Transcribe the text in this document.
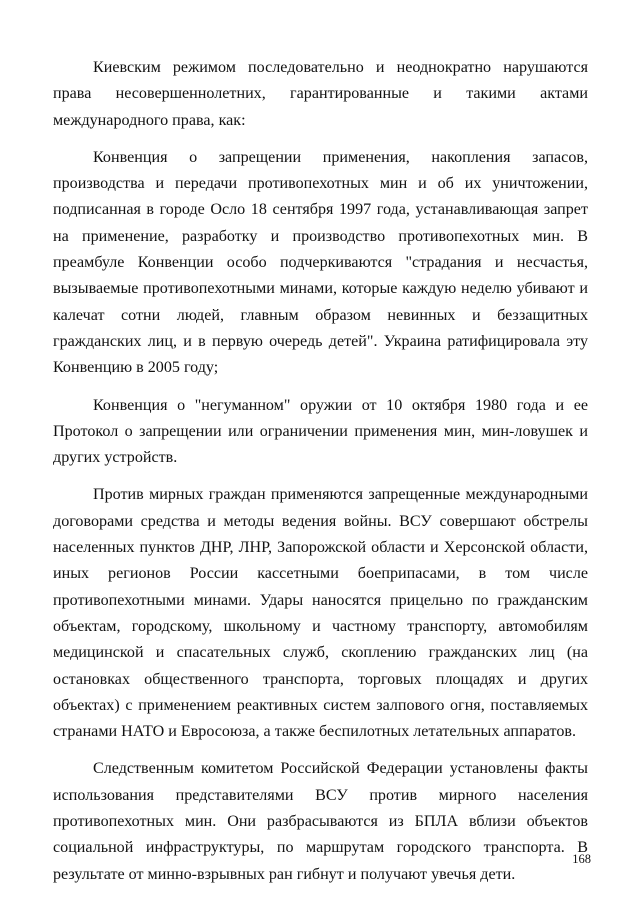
Киевским режимом последовательно и неоднократно нарушаются права несовершеннолетних, гарантированные и такими актами международного права, как:

Конвенция о запрещении применения, накопления запасов, производства и передачи противопехотных мин и об их уничтожении, подписанная в городе Осло 18 сентября 1997 года, устанавливающая запрет на применение, разработку и производство противопехотных мин. В преамбуле Конвенции особо подчеркиваются "страдания и несчастья, вызываемые противопехотными минами, которые каждую неделю убивают и калечат сотни людей, главным образом невинных и беззащитных гражданских лиц, и в первую очередь детей". Украина ратифицировала эту Конвенцию в 2005 году;

Конвенция о "негуманном" оружии от 10 октября 1980 года и ее Протокол о запрещении или ограничении применения мин, мин-ловушек и других устройств.

Против мирных граждан применяются запрещенные международными договорами средства и методы ведения войны. ВСУ совершают обстрелы населенных пунктов ДНР, ЛНР, Запорожской области и Херсонской области, иных регионов России кассетными боеприпасами, в том числе противопехотными минами. Удары наносятся прицельно по гражданским объектам, городскому, школьному и частному транспорту, автомобилям медицинской и спасательных служб, скоплению гражданских лиц (на остановках общественного транспорта, торговых площадях и других объектах) с применением реактивных систем залпового огня, поставляемых странами НАТО и Евросоюза, а также беспилотных летательных аппаратов.

Следственным комитетом Российской Федерации установлены факты использования представителями ВСУ против мирного населения противопехотных мин. Они разбрасываются из БПЛА вблизи объектов социальной инфраструктуры, по маршрутам городского транспорта. В результате от минно-взрывных ран гибнут и получают увечья дети.

168
